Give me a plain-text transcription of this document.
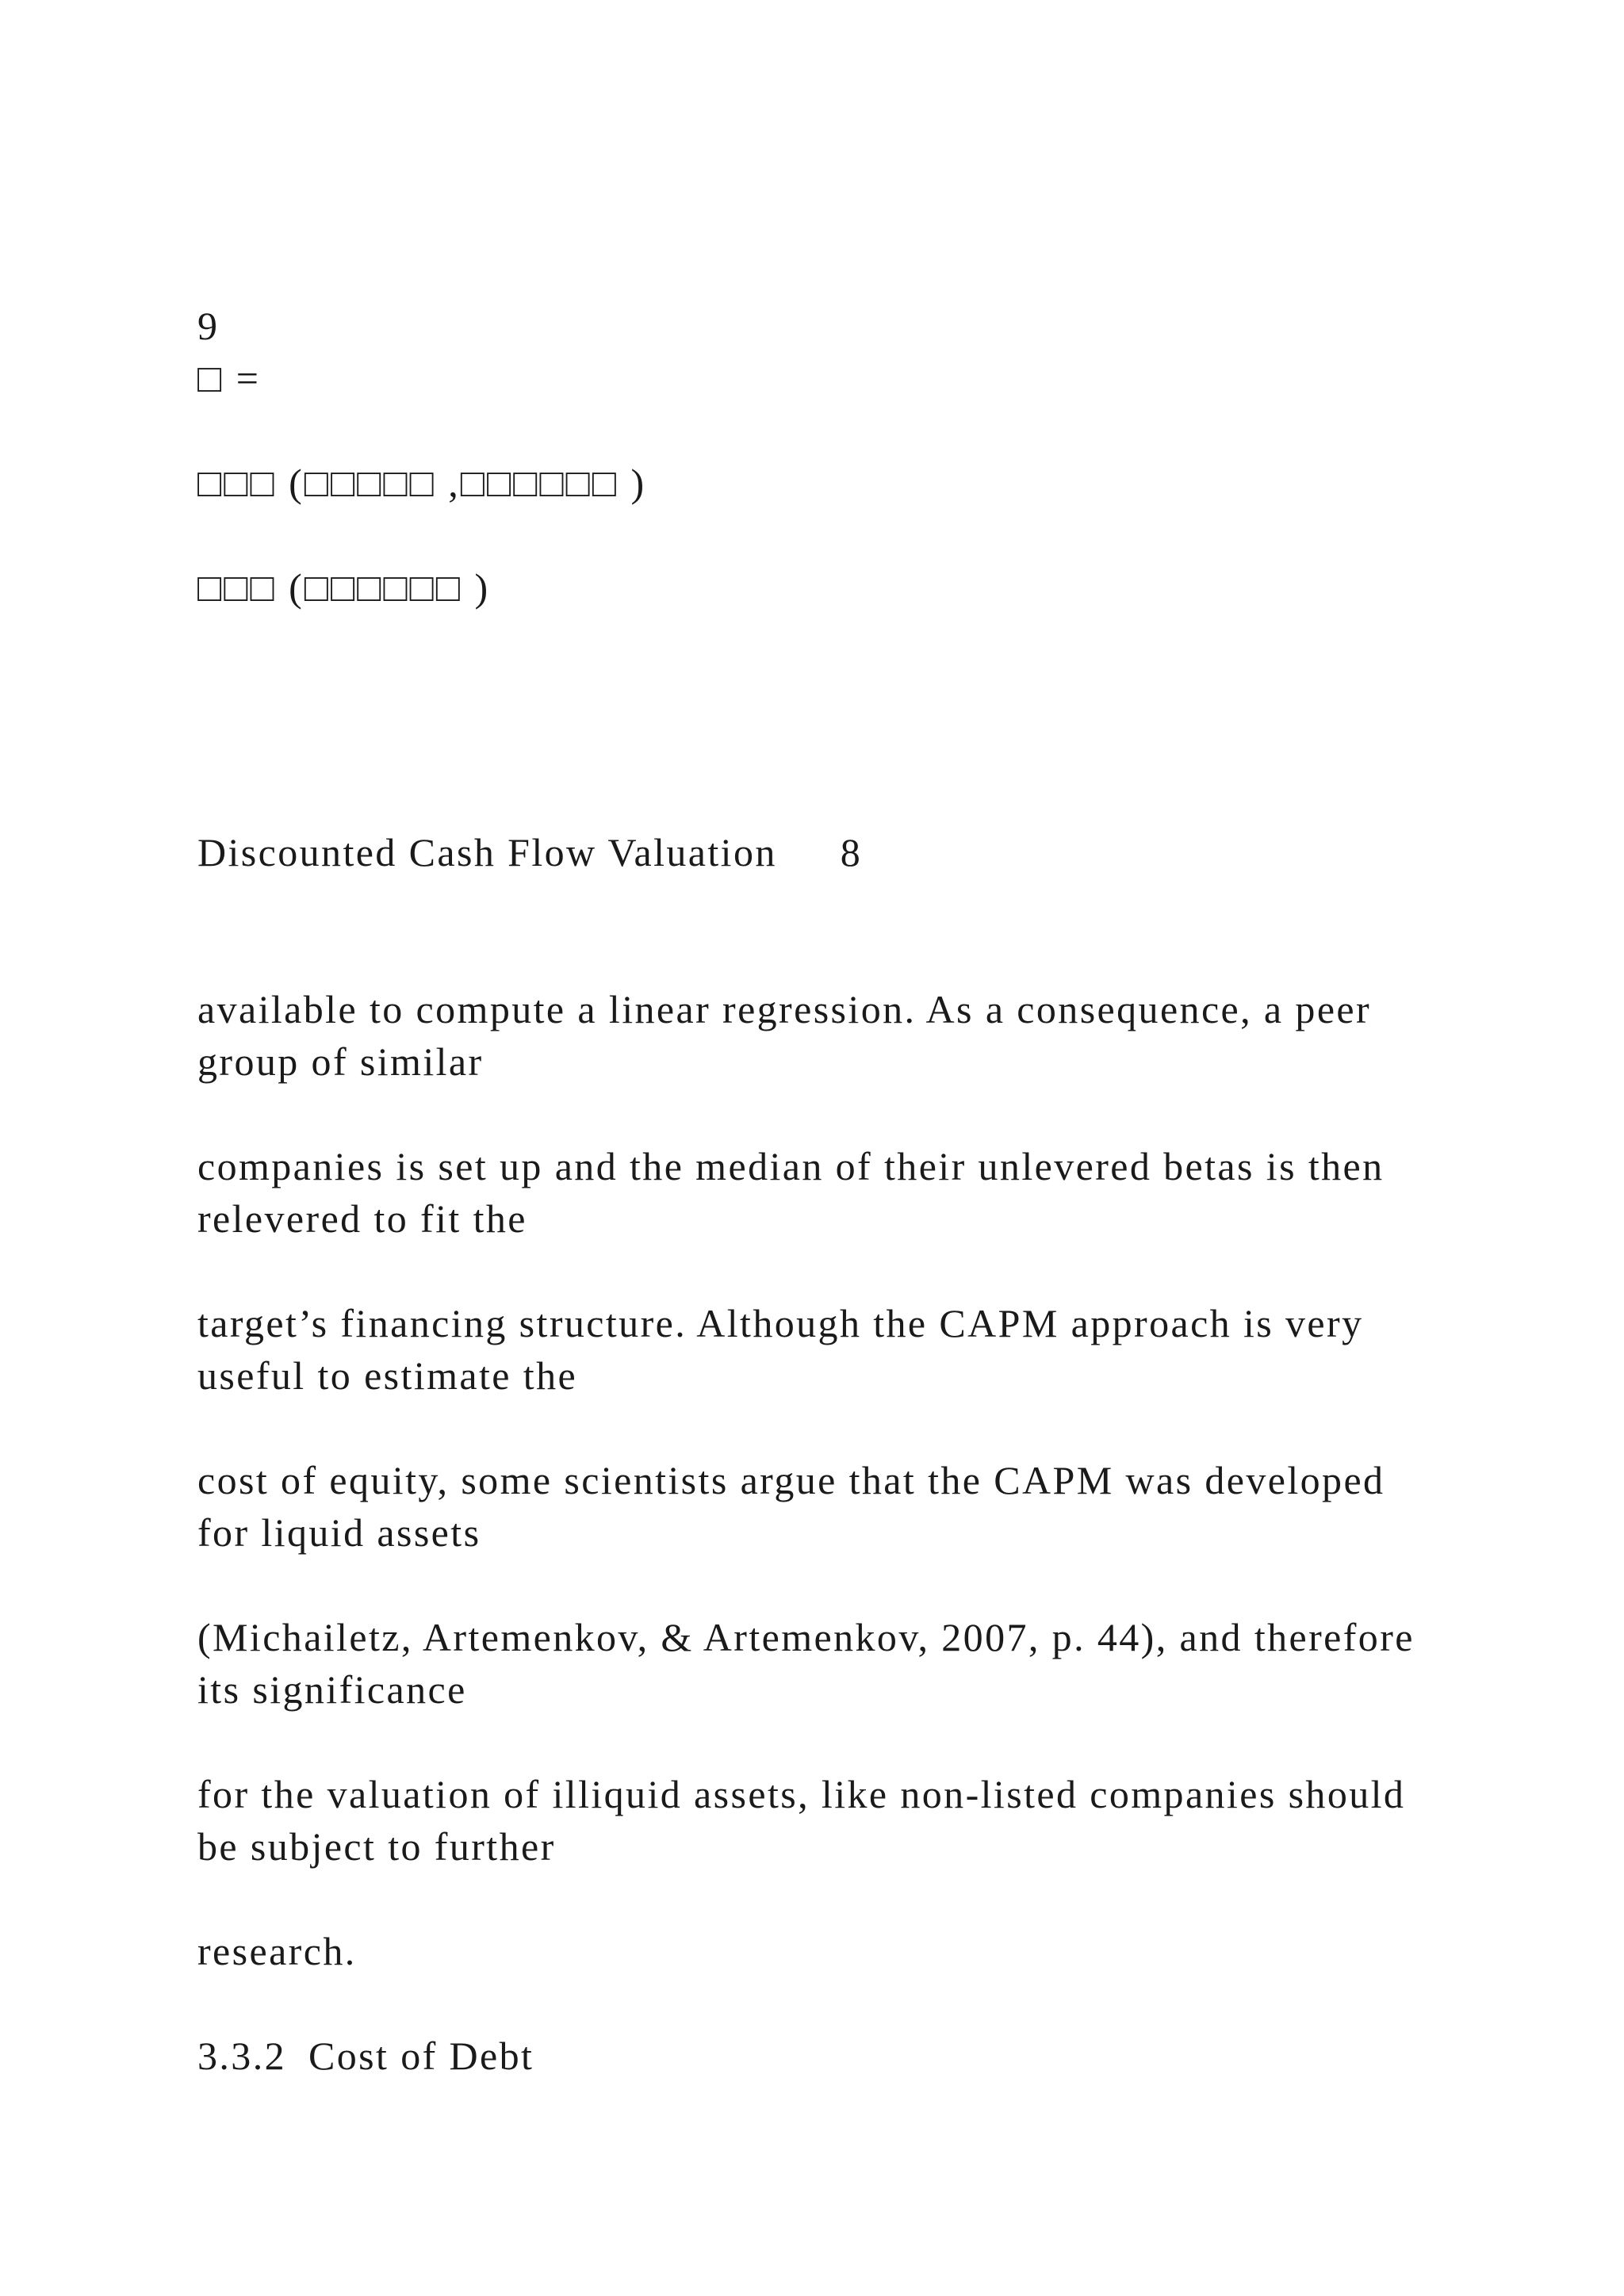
9
□ =
□□□ (□□□□□ ,□□□□□□ )
□□□ (□□□□□□ )
Discounted Cash Flow Valuation 8
available to compute a linear regression. As a consequence, a peer group of similar
companies is set up and the median of their unlevered betas is then relevered to fit the
target’s financing structure. Although the CAPM approach is very useful to estimate the
cost of equity, some scientists argue that the CAPM was developed for liquid assets
(Michailetz, Artemenkov, & Artemenkov, 2007, p. 44), and therefore its significance
for the valuation of illiquid assets, like non-listed companies should be subject to further
research.
3.3.2 Cost of Debt
